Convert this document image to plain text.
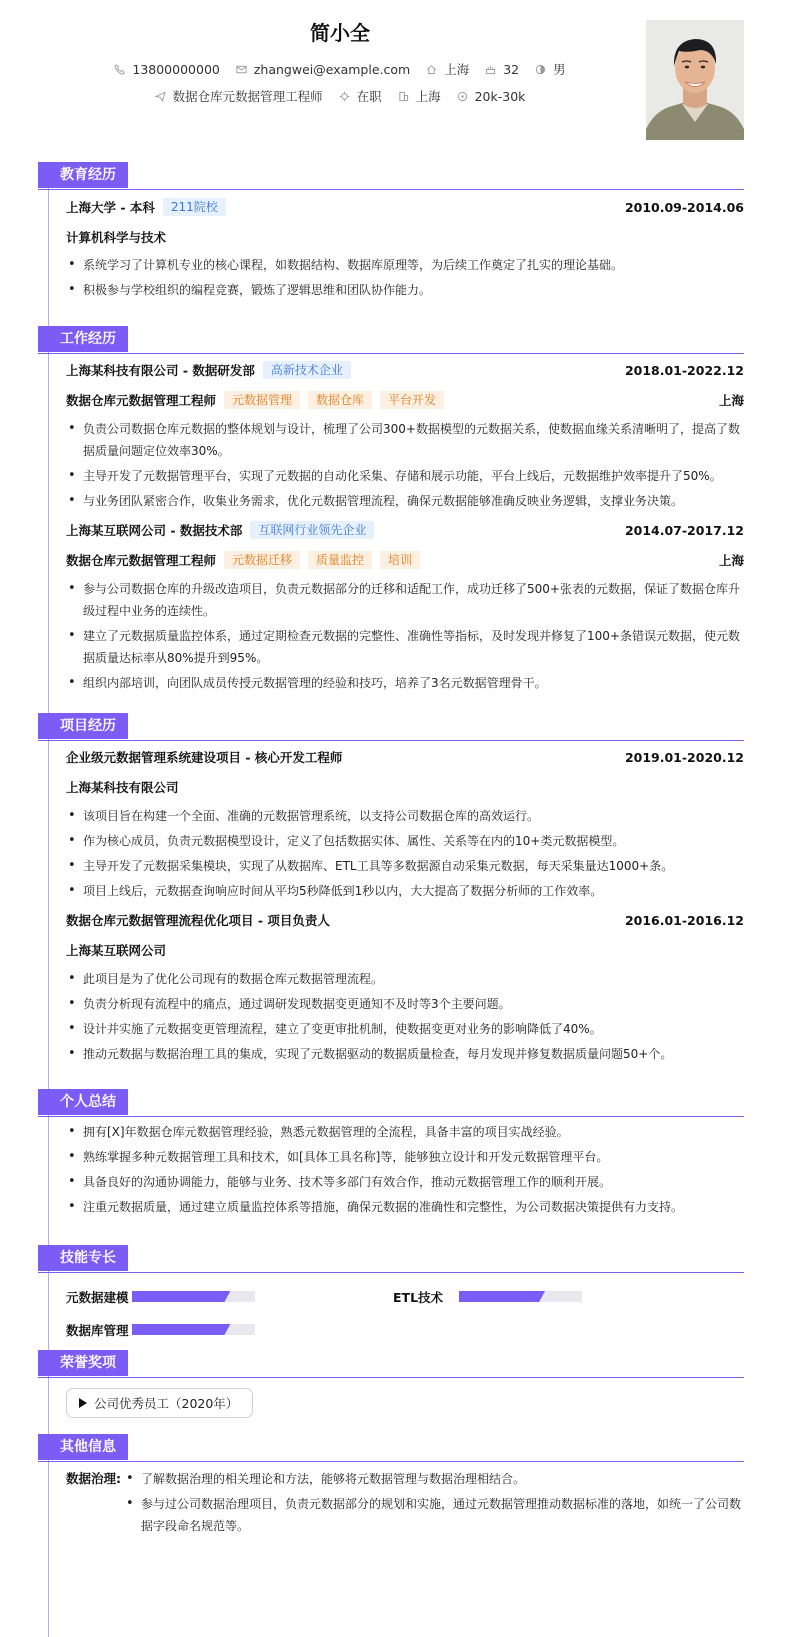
简小全
13800000000	zhangwei@example.com	上海	32	男
数据仓库元数据管理工程师	在职	上海	20k-30k
教育经历
上海大学 - 本科	211院校	2010.09-2014.06
计算机科学与技术
• 系统学习了计算机专业的核心课程，如数据结构、数据库原理等，为后续工作奠定了扎实的理论基础。
• 积极参与学校组织的编程竞赛，锻炼了逻辑思维和团队协作能力。
工作经历
上海某科技有限公司 - 数据研发部	高新技术企业	2018.01-2022.12
数据仓库元数据管理工程师	元数据管理	数据仓库	平台开发	上海
• 负责公司数据仓库元数据的整体规划与设计，梳理了公司300+数据模型的元数据关系，使数据血缘关系清晰明了，提高了数据质量问题定位效率30%。
• 主导开发了元数据管理平台，实现了元数据的自动化采集、存储和展示功能，平台上线后，元数据维护效率提升了50%。
• 与业务团队紧密合作，收集业务需求，优化元数据管理流程，确保元数据能够准确反映业务逻辑，支撑业务决策。
上海某互联网公司 - 数据技术部	互联网行业领先企业	2014.07-2017.12
数据仓库元数据管理工程师	元数据迁移	质量监控	培训	上海
• 参与公司数据仓库的升级改造项目，负责元数据部分的迁移和适配工作，成功迁移了500+张表的元数据，保证了数据仓库升级过程中业务的连续性。
• 建立了元数据质量监控体系，通过定期检查元数据的完整性、准确性等指标，及时发现并修复了100+条错误元数据，使元数据质量达标率从80%提升到95%。
• 组织内部培训，向团队成员传授元数据管理的经验和技巧，培养了3名元数据管理骨干。
项目经历
企业级元数据管理系统建设项目 - 核心开发工程师	2019.01-2020.12
上海某科技有限公司
• 该项目旨在构建一个全面、准确的元数据管理系统，以支持公司数据仓库的高效运行。
• 作为核心成员，负责元数据模型设计，定义了包括数据实体、属性、关系等在内的10+类元数据模型。
• 主导开发了元数据采集模块，实现了从数据库、ETL工具等多数据源自动采集元数据，每天采集量达1000+条。
• 项目上线后，元数据查询响应时间从平均5秒降低到1秒以内，大大提高了数据分析师的工作效率。
数据仓库元数据管理流程优化项目 - 项目负责人	2016.01-2016.12
上海某互联网公司
• 此项目是为了优化公司现有的数据仓库元数据管理流程。
• 负责分析现有流程中的痛点，通过调研发现数据变更通知不及时等3个主要问题。
• 设计并实施了元数据变更管理流程，建立了变更审批机制，使数据变更对业务的影响降低了40%。
• 推动元数据与数据治理工具的集成，实现了元数据驱动的数据质量检查，每月发现并修复数据质量问题50+个。
个人总结
• 拥有[X]年数据仓库元数据管理经验，熟悉元数据管理的全流程，具备丰富的项目实战经验。
• 熟练掌握多种元数据管理工具和技术，如[具体工具名称]等，能够独立设计和开发元数据管理平台。
• 具备良好的沟通协调能力，能够与业务、技术等多部门有效合作，推动元数据管理工作的顺利开展。
• 注重元数据质量，通过建立质量监控体系等措施，确保元数据的准确性和完整性，为公司数据决策提供有力支持。
技能专长
元数据建模	ETL技术
数据库管理
荣誉奖项
公司优秀员工（2020年）
其他信息
数据治理:
•	了解数据治理的相关理论和方法，能够将元数据管理与数据治理相结合。
• 参与过公司数据治理项目，负责元数据部分的规划和实施，通过元数据管理推动数据标准的落地，如统一了公司数据字段命名规范等。
